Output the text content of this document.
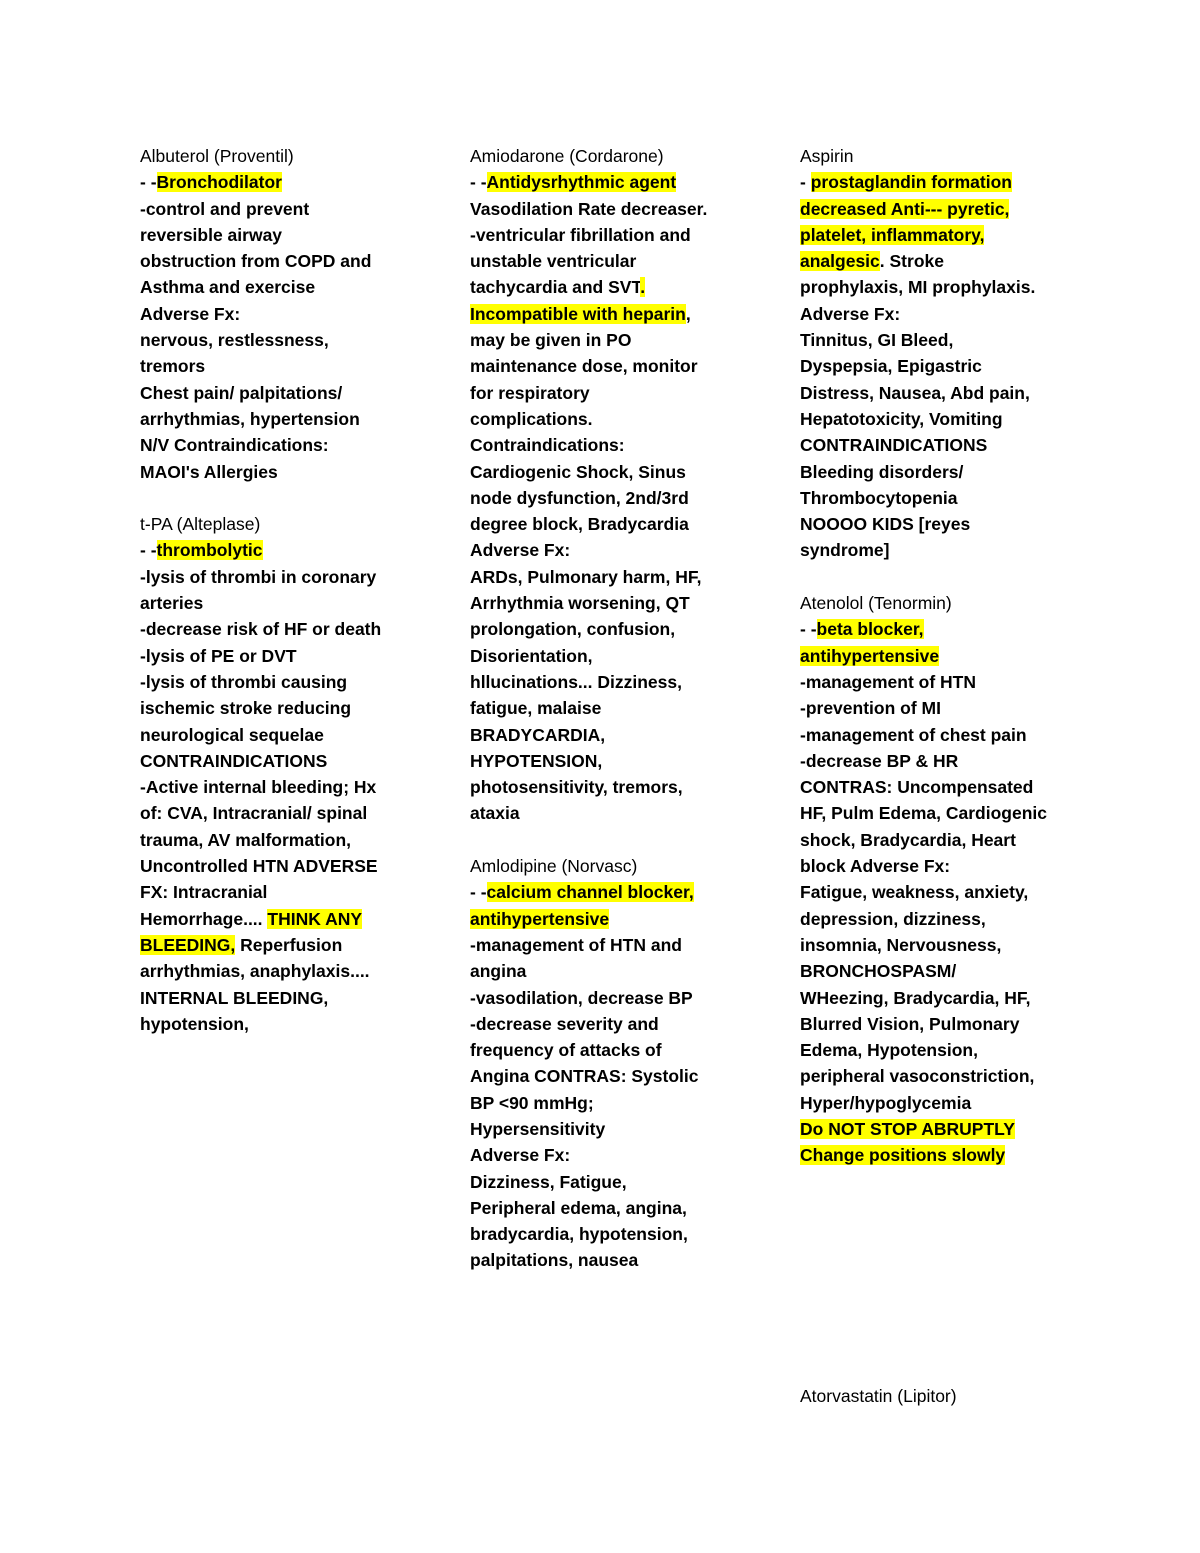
Albuterol (Proventil)
- -Bronchodilator
-control and prevent
reversible airway
obstruction from COPD and
Asthma and exercise
Adverse Fx:
nervous, restlessness,
tremors
Chest pain/ palpitations/
arrhythmias, hypertension
N/V Contraindications:
MAOI's Allergies
t-PA (Alteplase)
- -thrombolytic
-lysis of thrombi in coronary
arteries
-decrease risk of HF or death
-lysis of PE or DVT
-lysis of thrombi causing
ischemic stroke reducing
neurological sequelae
CONTRAINDICATIONS
-Active internal bleeding; Hx
of: CVA, Intracranial/ spinal
trauma, AV malformation,
Uncontrolled HTN ADVERSE
FX: Intracranial
Hemorrhage.... THINK ANY
BLEEDING, Reperfusion
arrhythmias, anaphylaxis....
INTERNAL BLEEDING,
hypotension,
Amiodarone (Cordarone)
- -Antidysrhythmic agent
Vasodilation Rate decreaser.
-ventricular fibrillation and
unstable ventricular
tachycardia and SVT.
Incompatible with heparin,
may be given in PO
maintenance dose, monitor
for respiratory
complications.
Contraindications:
Cardiogenic Shock, Sinus
node dysfunction, 2nd/3rd
degree block, Bradycardia
Adverse Fx:
ARDs, Pulmonary harm, HF,
Arrhythmia worsening, QT
prolongation, confusion,
Disorientation,
hllucinations... Dizziness,
fatigue, malaise
BRADYCARDIA,
HYPOTENSION,
photosensitivity, tremors,
ataxia
Amlodipine (Norvasc)
- -calcium channel blocker,
antihypertensive
-management of HTN and
angina
-vasodilation, decrease BP
-decrease severity and
frequency of attacks of
Angina CONTRAS: Systolic
BP <90 mmHg;
Hypersensitivity
Adverse Fx:
Dizziness, Fatigue,
Peripheral edema, angina,
bradycardia, hypotension,
palpitations, nausea
Aspirin
- prostaglandin formation
decreased Anti--- pyretic,
platelet, inflammatory,
analgesic. Stroke
prophylaxis, MI prophylaxis.
Adverse Fx:
Tinnitus, GI Bleed,
Dyspepsia, Epigastric
Distress, Nausea, Abd pain,
Hepatotoxicity, Vomiting
CONTRAINDICATIONS
Bleeding disorders/
Thrombocytopenia
NOOOO KIDS [reyes
syndrome]
Atenolol (Tenormin)
- -beta blocker,
antihypertensive
-management of HTN
-prevention of MI
-management of chest pain
-decrease BP & HR
CONTRAS: Uncompensated
HF, Pulm Edema, Cardiogenic
shock, Bradycardia, Heart
block Adverse Fx:
Fatigue, weakness, anxiety,
depression, dizziness,
insomnia, Nervousness,
BRONCHOSPASM/
WHeezing, Bradycardia, HF,
Blurred Vision, Pulmonary
Edema, Hypotension,
peripheral vasoconstriction,
Hyper/hypoglycemia
Do NOT STOP ABRUPTLY
Change positions slowly
Atorvastatin (Lipitor)
